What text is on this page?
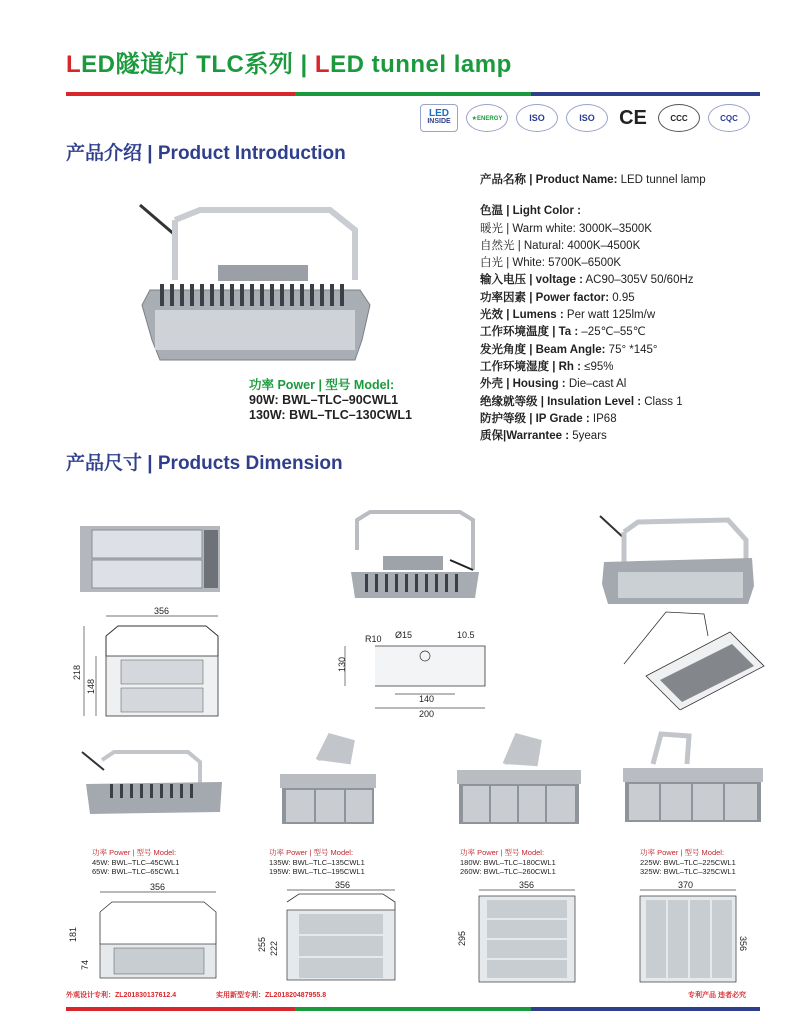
LED隧道灯 TLC系列 | LED tunnel lamp
LED
INSIDE	★ENERGY	ISO	ISO	CE	CCC	CQC
产品介绍 | Product Introduction
产品尺寸 | Products Dimension
产品名称 | Product Name: LED tunnel lamp
色温 | Light Color :
暖光 | Warm white: 3000K–3500K
自然光 | Natural: 4000K–4500K
白光 | White: 5700K–6500K
输入电压 | voltage : AC90–305V 50/60Hz
功率因素 | Power factor: 0.95
光效 | Lumens : Per watt 125lm/w
工作环境温度 | Ta : –25℃–55℃
发光角度 | Beam Angle: 75° *145°
工作环境湿度 | Rh : ≤95%
外壳 | Housing : Die–cast Al
绝缘就等级 | Insulation Level : Class 1
防护等级 | IP Grade : IP68
质保|Warrantee : 5years
功率 Power | 型号 Model:
90W: BWL–TLC–90CWL1
130W: BWL–TLC–130CWL1
356
218
148
R10 Ø15	10.5
130
140
200
功率 Power | 型号 Model:
45W: BWL–TLC–45CWL1
65W: BWL–TLC–65CWL1
功率 Power | 型号 Model:
135W: BWL–TLC–135CWL1
195W: BWL–TLC–195CWL1
功率 Power | 型号 Model:
180W: BWL–TLC–180CWL1
260W: BWL–TLC–260CWL1
功率 Power | 型号 Model:
225W: BWL–TLC–225CWL1
325W: BWL–TLC–325CWL1
356
181
74
356
255 222
356
295
370
356
外观设计专利：ZL201830137612.4	实用新型专利：ZL201820487955.8	专利产品 违者必究
